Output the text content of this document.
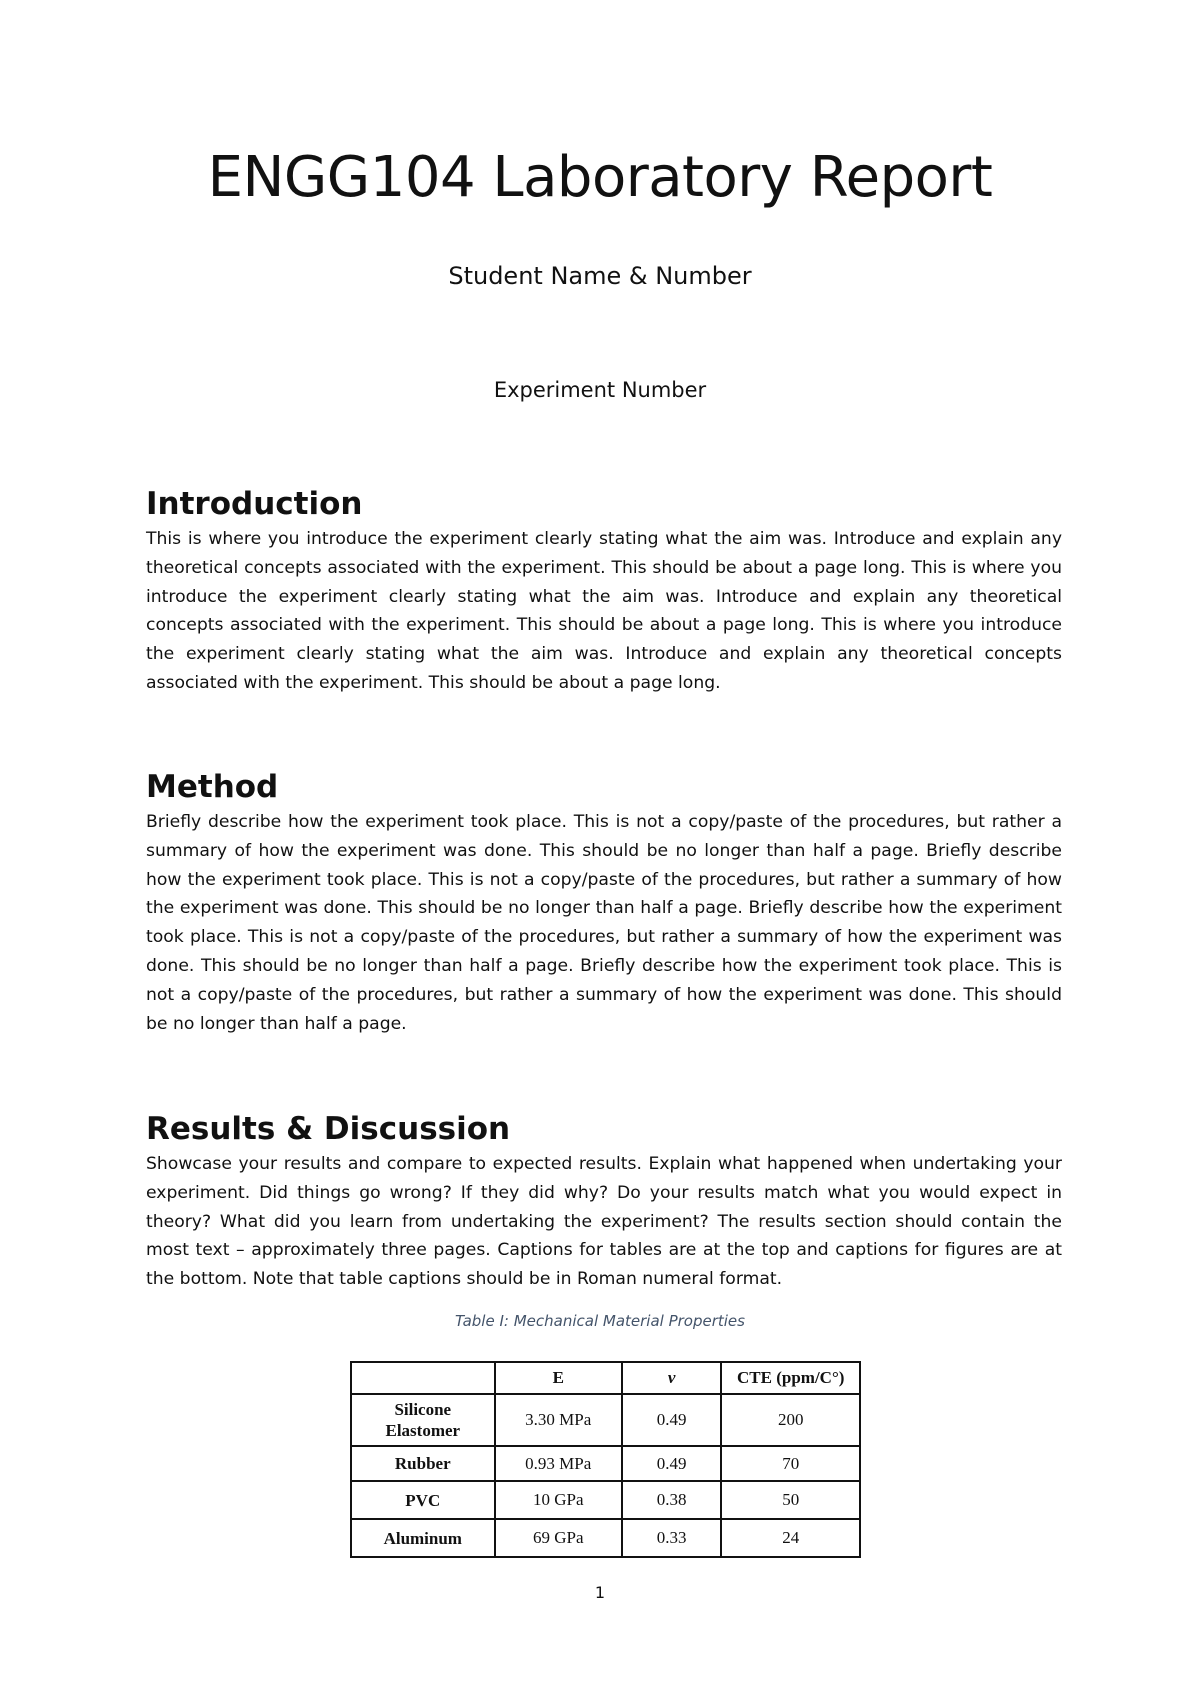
ENGG104 Laboratory Report

Student Name & Number

Experiment Number

Introduction

This is where you introduce the experiment clearly stating what the aim was. Introduce and explain any theoretical concepts associated with the experiment. This should be about a page long. This is where you introduce the experiment clearly stating what the aim was. Introduce and explain any theoretical concepts associated with the experiment. This should be about a page long. This is where you introduce the experiment clearly stating what the aim was. Introduce and explain any theoretical concepts associated with the experiment. This should be about a page long.

Method

Briefly describe how the experiment took place. This is not a copy/paste of the procedures, but rather a summary of how the experiment was done. This should be no longer than half a page. Briefly describe how the experiment took place. This is not a copy/paste of the procedures, but rather a summary of how the experiment was done. This should be no longer than half a page. Briefly describe how the experiment took place. This is not a copy/paste of the procedures, but rather a summary of how the experiment was done. This should be no longer than half a page. Briefly describe how the experiment took place. This is not a copy/paste of the procedures, but rather a summary of how the experiment was done. This should be no longer than half a page.

Results & Discussion

Showcase your results and compare to expected results. Explain what happened when undertaking your experiment. Did things go wrong? If they did why? Do your results match what you would expect in theory? What did you learn from undertaking the experiment? The results section should contain the most text – approximately three pages. Captions for tables are at the top and captions for figures are at the bottom. Note that table captions should be in Roman numeral format.

Table I: Mechanical Material Properties

	E	v	CTE (ppm/C°)
Silicone Elastomer	3.30 MPa	0.49	200
Rubber	0.93 MPa	0.49	70
PVC	10 GPa	0.38	50
Aluminum	69 GPa	0.33	24

1
